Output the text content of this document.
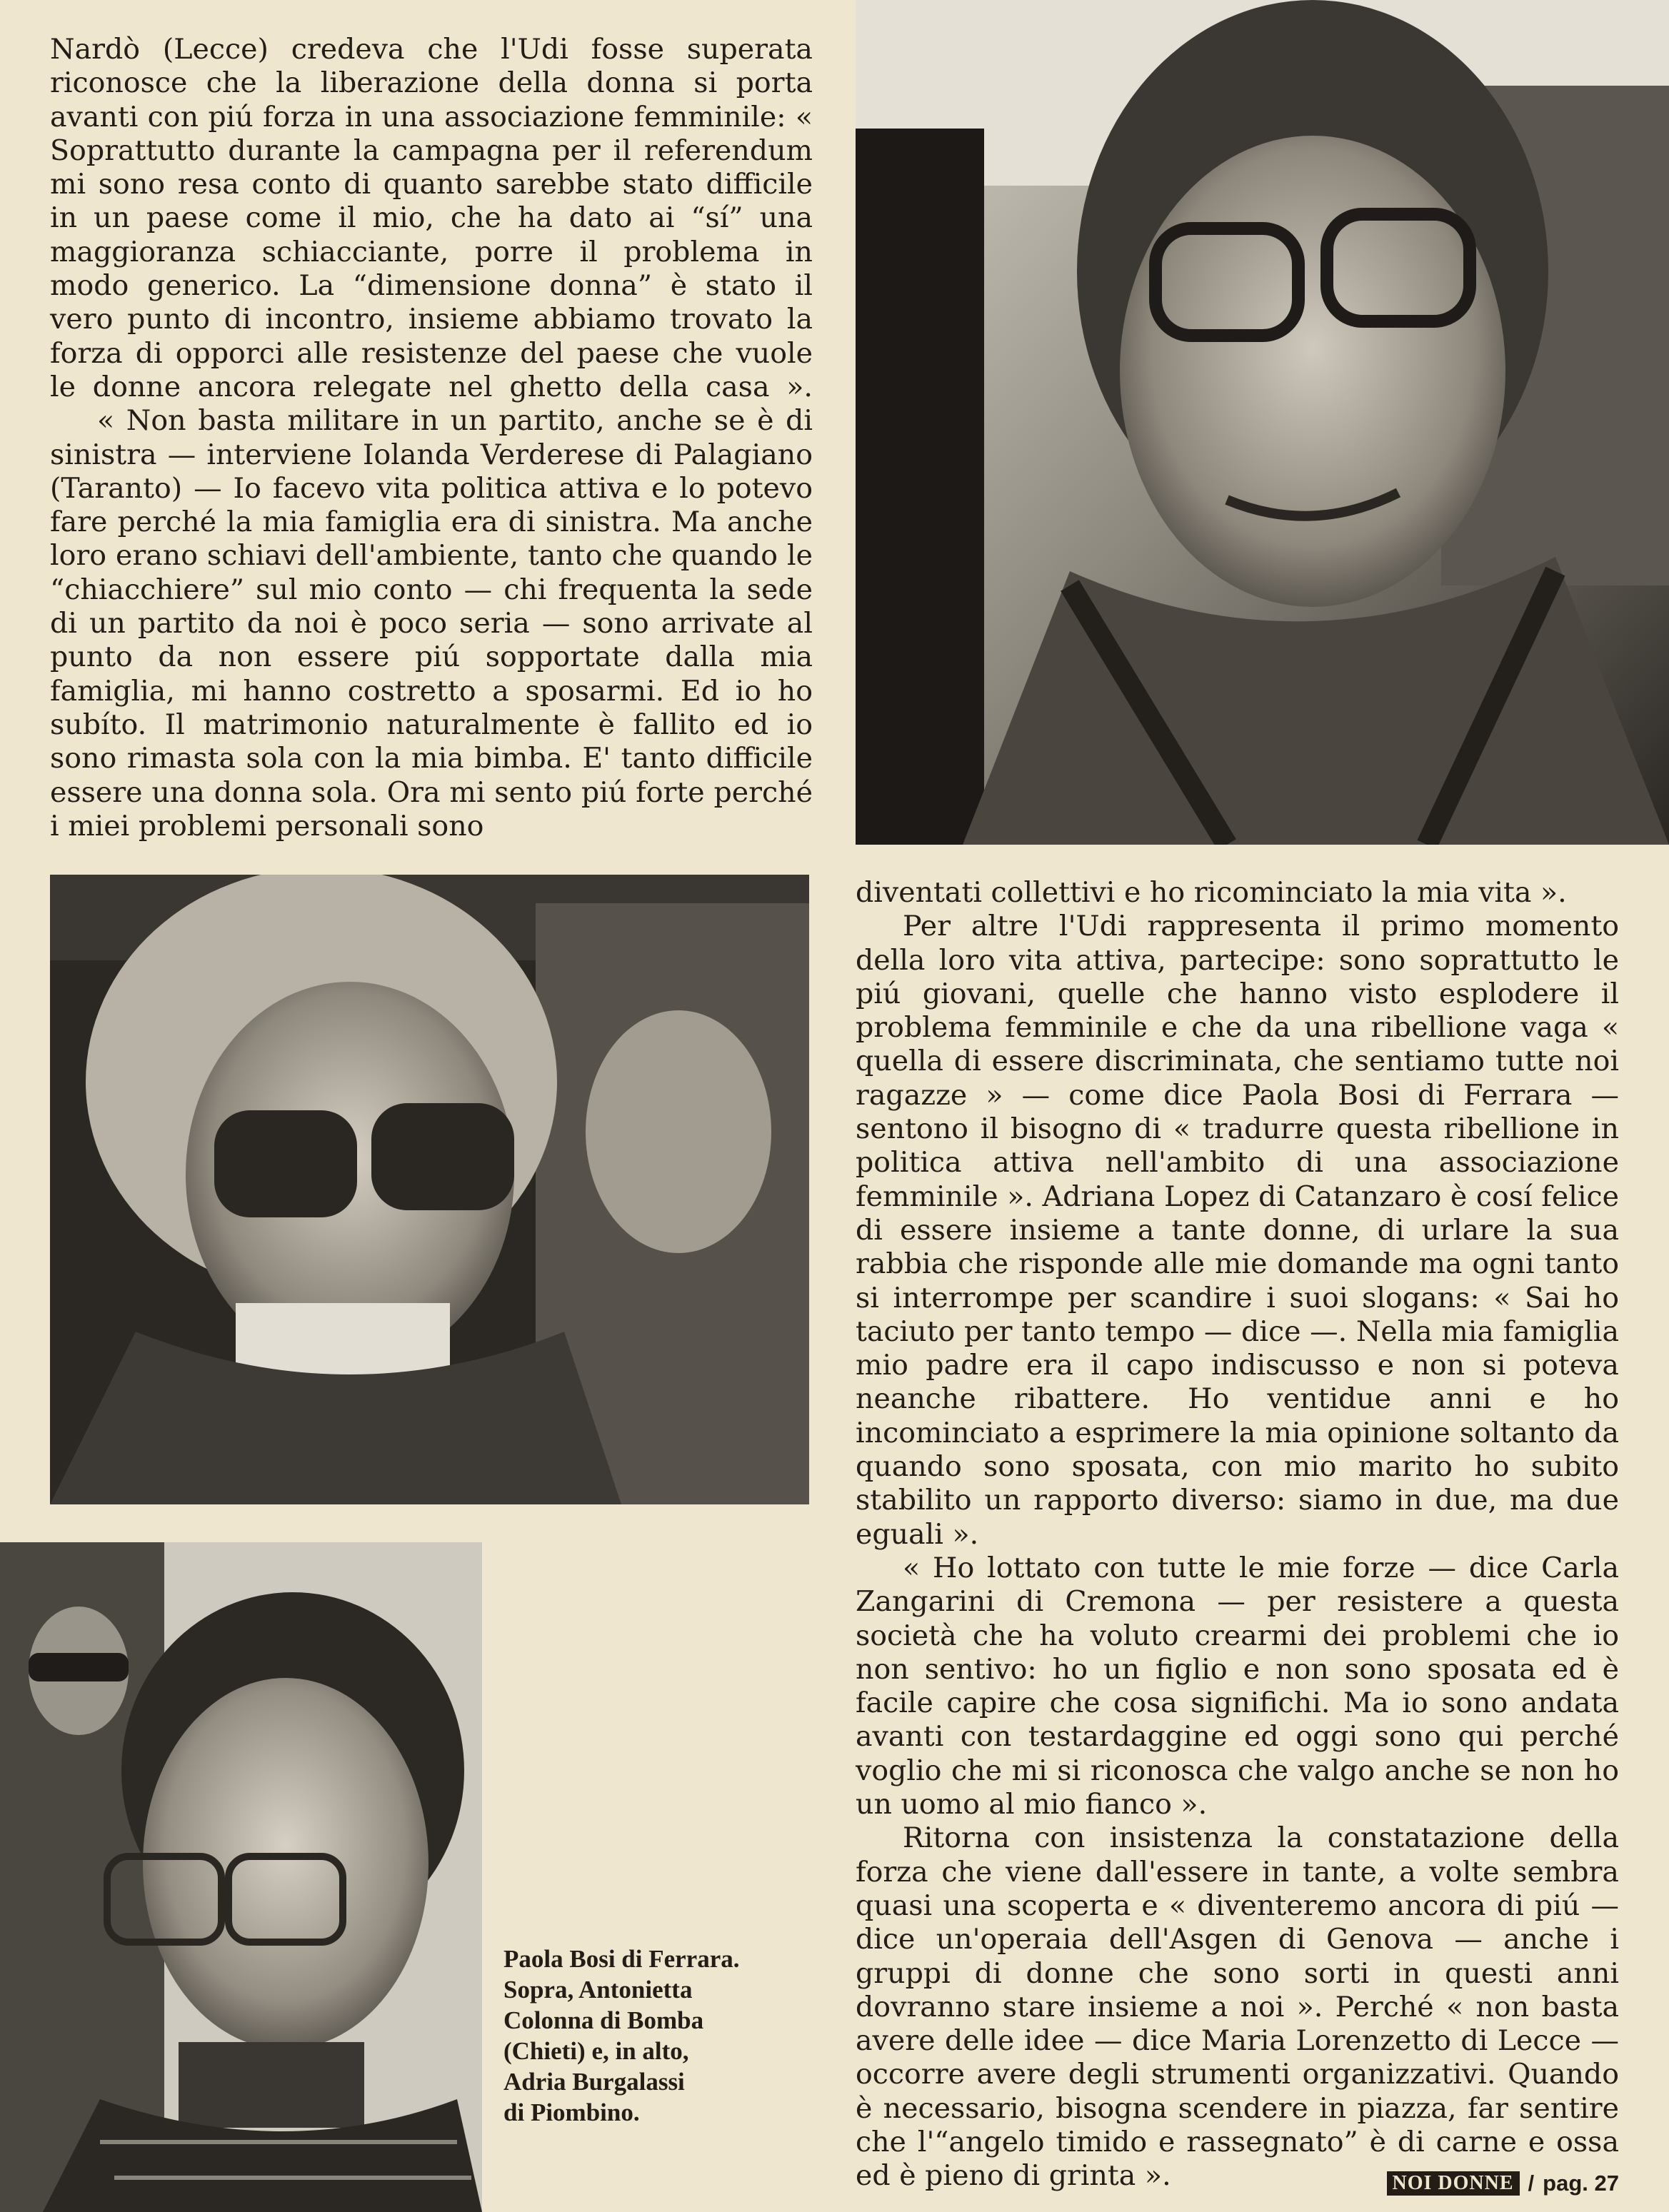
Nardò (Lecce) credeva che l'Udi fosse superata riconosce che la liberazione della donna si porta avanti con piú forza in una associazione femminile: « Soprattutto durante la campagna per il referendum mi sono resa conto di quanto sarebbe stato difficile in un paese come il mio, che ha dato ai “sí” una maggioranza schiacciante, porre il problema in modo generico. La “dimensione donna” è stato il vero punto di incontro, insieme abbiamo trovato la forza di opporci alle resistenze del paese che vuole le donne ancora relegate nel ghetto della casa ».

« Non basta militare in un partito, anche se è di sinistra — interviene Iolanda Verderese di Palagiano (Taranto) — Io facevo vita politica attiva e lo potevo fare perché la mia famiglia era di sinistra. Ma anche loro erano schiavi dell'ambiente, tanto che quando le “chiacchiere” sul mio conto — chi frequenta la sede di un partito da noi è poco seria — sono arrivate al punto da non essere piú sopportate dalla mia famiglia, mi hanno costretto a sposarmi. Ed io ho subíto. Il matrimonio naturalmente è fallito ed io sono rimasta sola con la mia bimba. E' tanto difficile essere una donna sola. Ora mi sento piú forte perché i miei problemi personali sono

Paola Bosi di Ferrara.

Sopra, Antonietta

Colonna di Bomba

(Chieti) e, in alto,

Adria Burgalassi

di Piombino.

diventati collettivi e ho ricominciato la mia vita ».

Per altre l'Udi rappresenta il primo momento della loro vita attiva, partecipe: sono soprattutto le piú giovani, quelle che hanno visto esplodere il problema femminile e che da una ribellione vaga « quella di essere discriminata, che sentiamo tutte noi ragazze » — come dice Paola Bosi di Ferrara — sentono il bisogno di « tradurre questa ribellione in politica attiva nell'ambito di una associazione femminile ». Adriana Lopez di Catanzaro è cosí felice di essere insieme a tante donne, di urlare la sua rabbia che risponde alle mie domande ma ogni tanto si interrompe per scandire i suoi slogans: « Sai ho taciuto per tanto tempo — dice —. Nella mia famiglia mio padre era il capo indiscusso e non si poteva neanche ribattere. Ho ventidue anni e ho incominciato a esprimere la mia opinione soltanto da quando sono sposata, con mio marito ho subito stabilito un rapporto diverso: siamo in due, ma due eguali ».

« Ho lottato con tutte le mie forze — dice Carla Zangarini di Cremona — per resistere a questa società che ha voluto crearmi dei problemi che io non sentivo: ho un figlio e non sono sposata ed è facile capire che cosa significhi. Ma io sono andata avanti con testardaggine ed oggi sono qui perché voglio che mi si riconosca che valgo anche se non ho un uomo al mio fianco ».

Ritorna con insistenza la constatazione della forza che viene dall'essere in tante, a volte sembra quasi una scoperta e « diventeremo ancora di piú — dice un'operaia dell'Asgen di Genova — anche i gruppi di donne che sono sorti in questi anni dovranno stare insieme a noi ». Perché « non basta avere delle idee — dice Maria Lorenzetto di Lecce — occorre avere degli strumenti organizzativi. Quando è necessario, bisogna scendere in piazza, far sentire che l'“angelo timido e rassegnato” è di carne e ossa ed è pieno di grinta ».	NOI DONNE / pag. 27
